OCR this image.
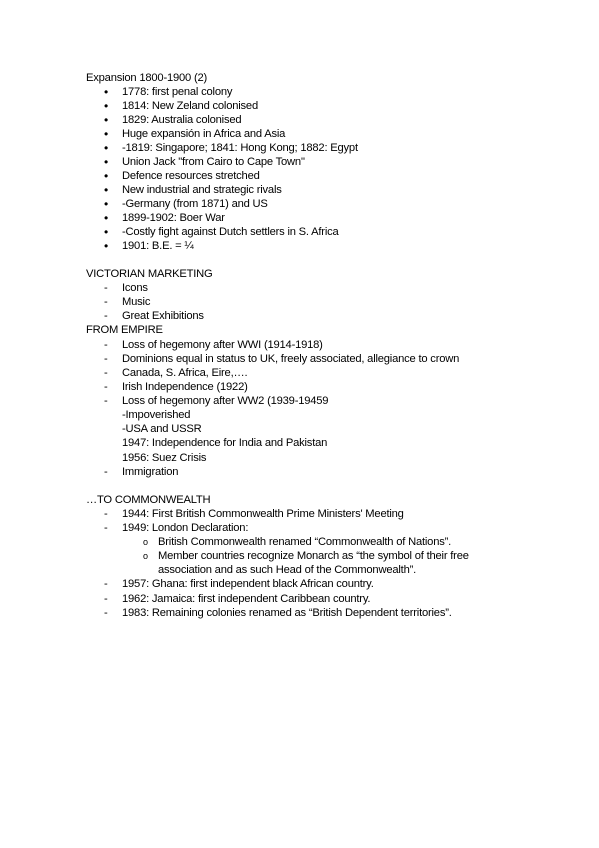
Expansion 1800-1900 (2)
• 1778: first penal colony
• 1814: New Zeland colonised
• 1829: Australia colonised
• Huge expansión in Africa and Asia
• -1819: Singapore; 1841: Hong Kong; 1882: Egypt
• Union Jack "from Cairo to Cape Town"
• Defence resources stretched
• New industrial and strategic rivals
• -Germany (from 1871) and US
• 1899-1902: Boer War
• -Costly fight against Dutch settlers in S. Africa
• 1901: B.E. = ¼
VICTORIAN MARKETING
- Icons
- Music
- Great Exhibitions
FROM EMPIRE
- Loss of hegemony after WWI (1914-1918)
- Dominions equal in status to UK, freely associated, allegiance to crown
- Canada, S. Africa, Eire,….
- Irish Independence (1922)
- Loss of hegemony after WW2 (1939-19459
-Impoverished
-USA and USSR
1947: Independence for India and Pakistan
1956: Suez Crisis
- Immigration
…TO COMMONWEALTH
- 1944: First British Commonwealth Prime Ministers' Meeting
- 1949: London Declaration:
o British Commonwealth renamed “Commonwealth of Nations”.
o Member countries recognize Monarch as “the symbol of their free
association and as such Head of the Commonwealth”.
- 1957: Ghana: first independent black African country.
- 1962: Jamaica: first independent Caribbean country.
- 1983: Remaining colonies renamed as “British Dependent territories”.
